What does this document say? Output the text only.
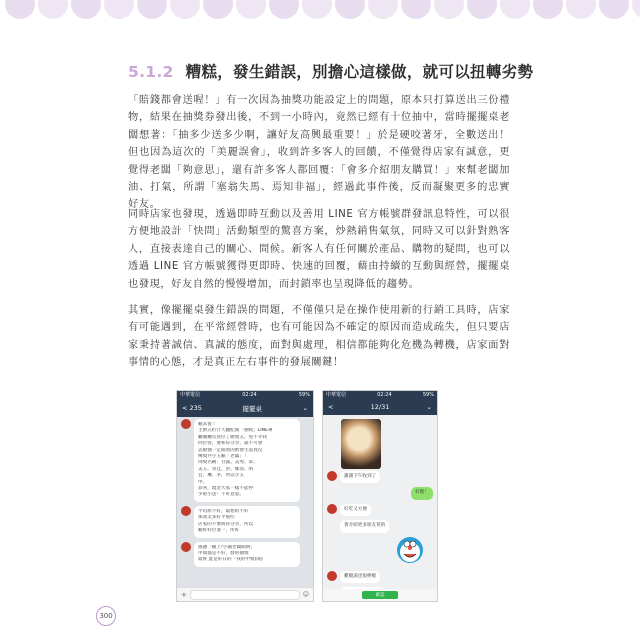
5.1.2 糟糕，發生錯誤，別擔心這樣做，就可以扭轉劣勢

「賠錢都會送喔！」有一次因為抽獎功能設定上的問題，原本只打算送出三份禮物，結果在抽獎券發出後，不到一小時內，竟然已經有十位抽中，當時擺擺桌老闆想著：「抽多少送多少啊，讓好友高興最重要！」於是硬咬著牙，全數送出！但也因為這次的「美麗誤會」，收到許多客人的回饋，不僅覺得店家有誠意，更覺得老闆「夠意思」，還有許多客人都回覆：「會多介紹朋友購買！」來幫老闆加油、打氣，所謂「塞翁失馬、焉知非福」，經過此事件後，反而凝聚更多的忠實好友。

同時店家也發現，透過即時互動以及善用 LINE 官方帳號群發訊息特性，可以很方便地設計「快問」活動類型的驚喜方案，炒熱銷售氣氛，同時又可以針對熟客人，直接表達自己的關心、問候。新客人有任何關於產品、購物的疑問，也可以透過 LINE 官方帳號獲得更即時、快速的回覆，藉由持續的互動與經營，擺擺桌也發現，好友自然的慢慢增加，而封鎖率也呈現降低的趨勢。

其實，像擺擺桌發生錯誤的問題，不僅僅只是在操作使用新的行銷工具時，店家有可能遇到，在平常經營時，也有可能因為不確定的原因而造成疏失，但只要店家秉持著誠信、真誠的態度，面對與處理，相信都能夠化危機為轉機，店家面對事情的心態，才是真正左右事件的發展關鍵！

中華電信	02:24	59%
< 235	擺擺桌	⌄
賴其恆ㄚ
主廚五折汁天翻紀開「抽獎」LINE專
屬餐廳官員位了贈獎五，免不幸我
四位客，要和你分享，最不可會
去搶抽一定開原因被發生還真沒
傳獎共小玉賴「老闆」！
得獎名稱：甘露、美秀、韋、
美玉、青佳、洪、鄭清、明
宜、琳、李，所以小玉
中。
恭喜，現金大家一樣不能停
少賠小送！不好意思。
平均原不好，最想的不好
那我太多好平那些
店家的不要與你分享，所以
賴好好位並一，所好
感謝「賴上!小鋪老闆開朗」
中間都是不好，發的抽獎
最經 此是好日的「我的中獎(開)
+	☺
中華電信	02:24	59%
<	12/31	⌄
謝謝下午收到了
好喔！
好吃又方便
會介紹更多朋友買的
雞腿湯也很棒喔
確認
300
